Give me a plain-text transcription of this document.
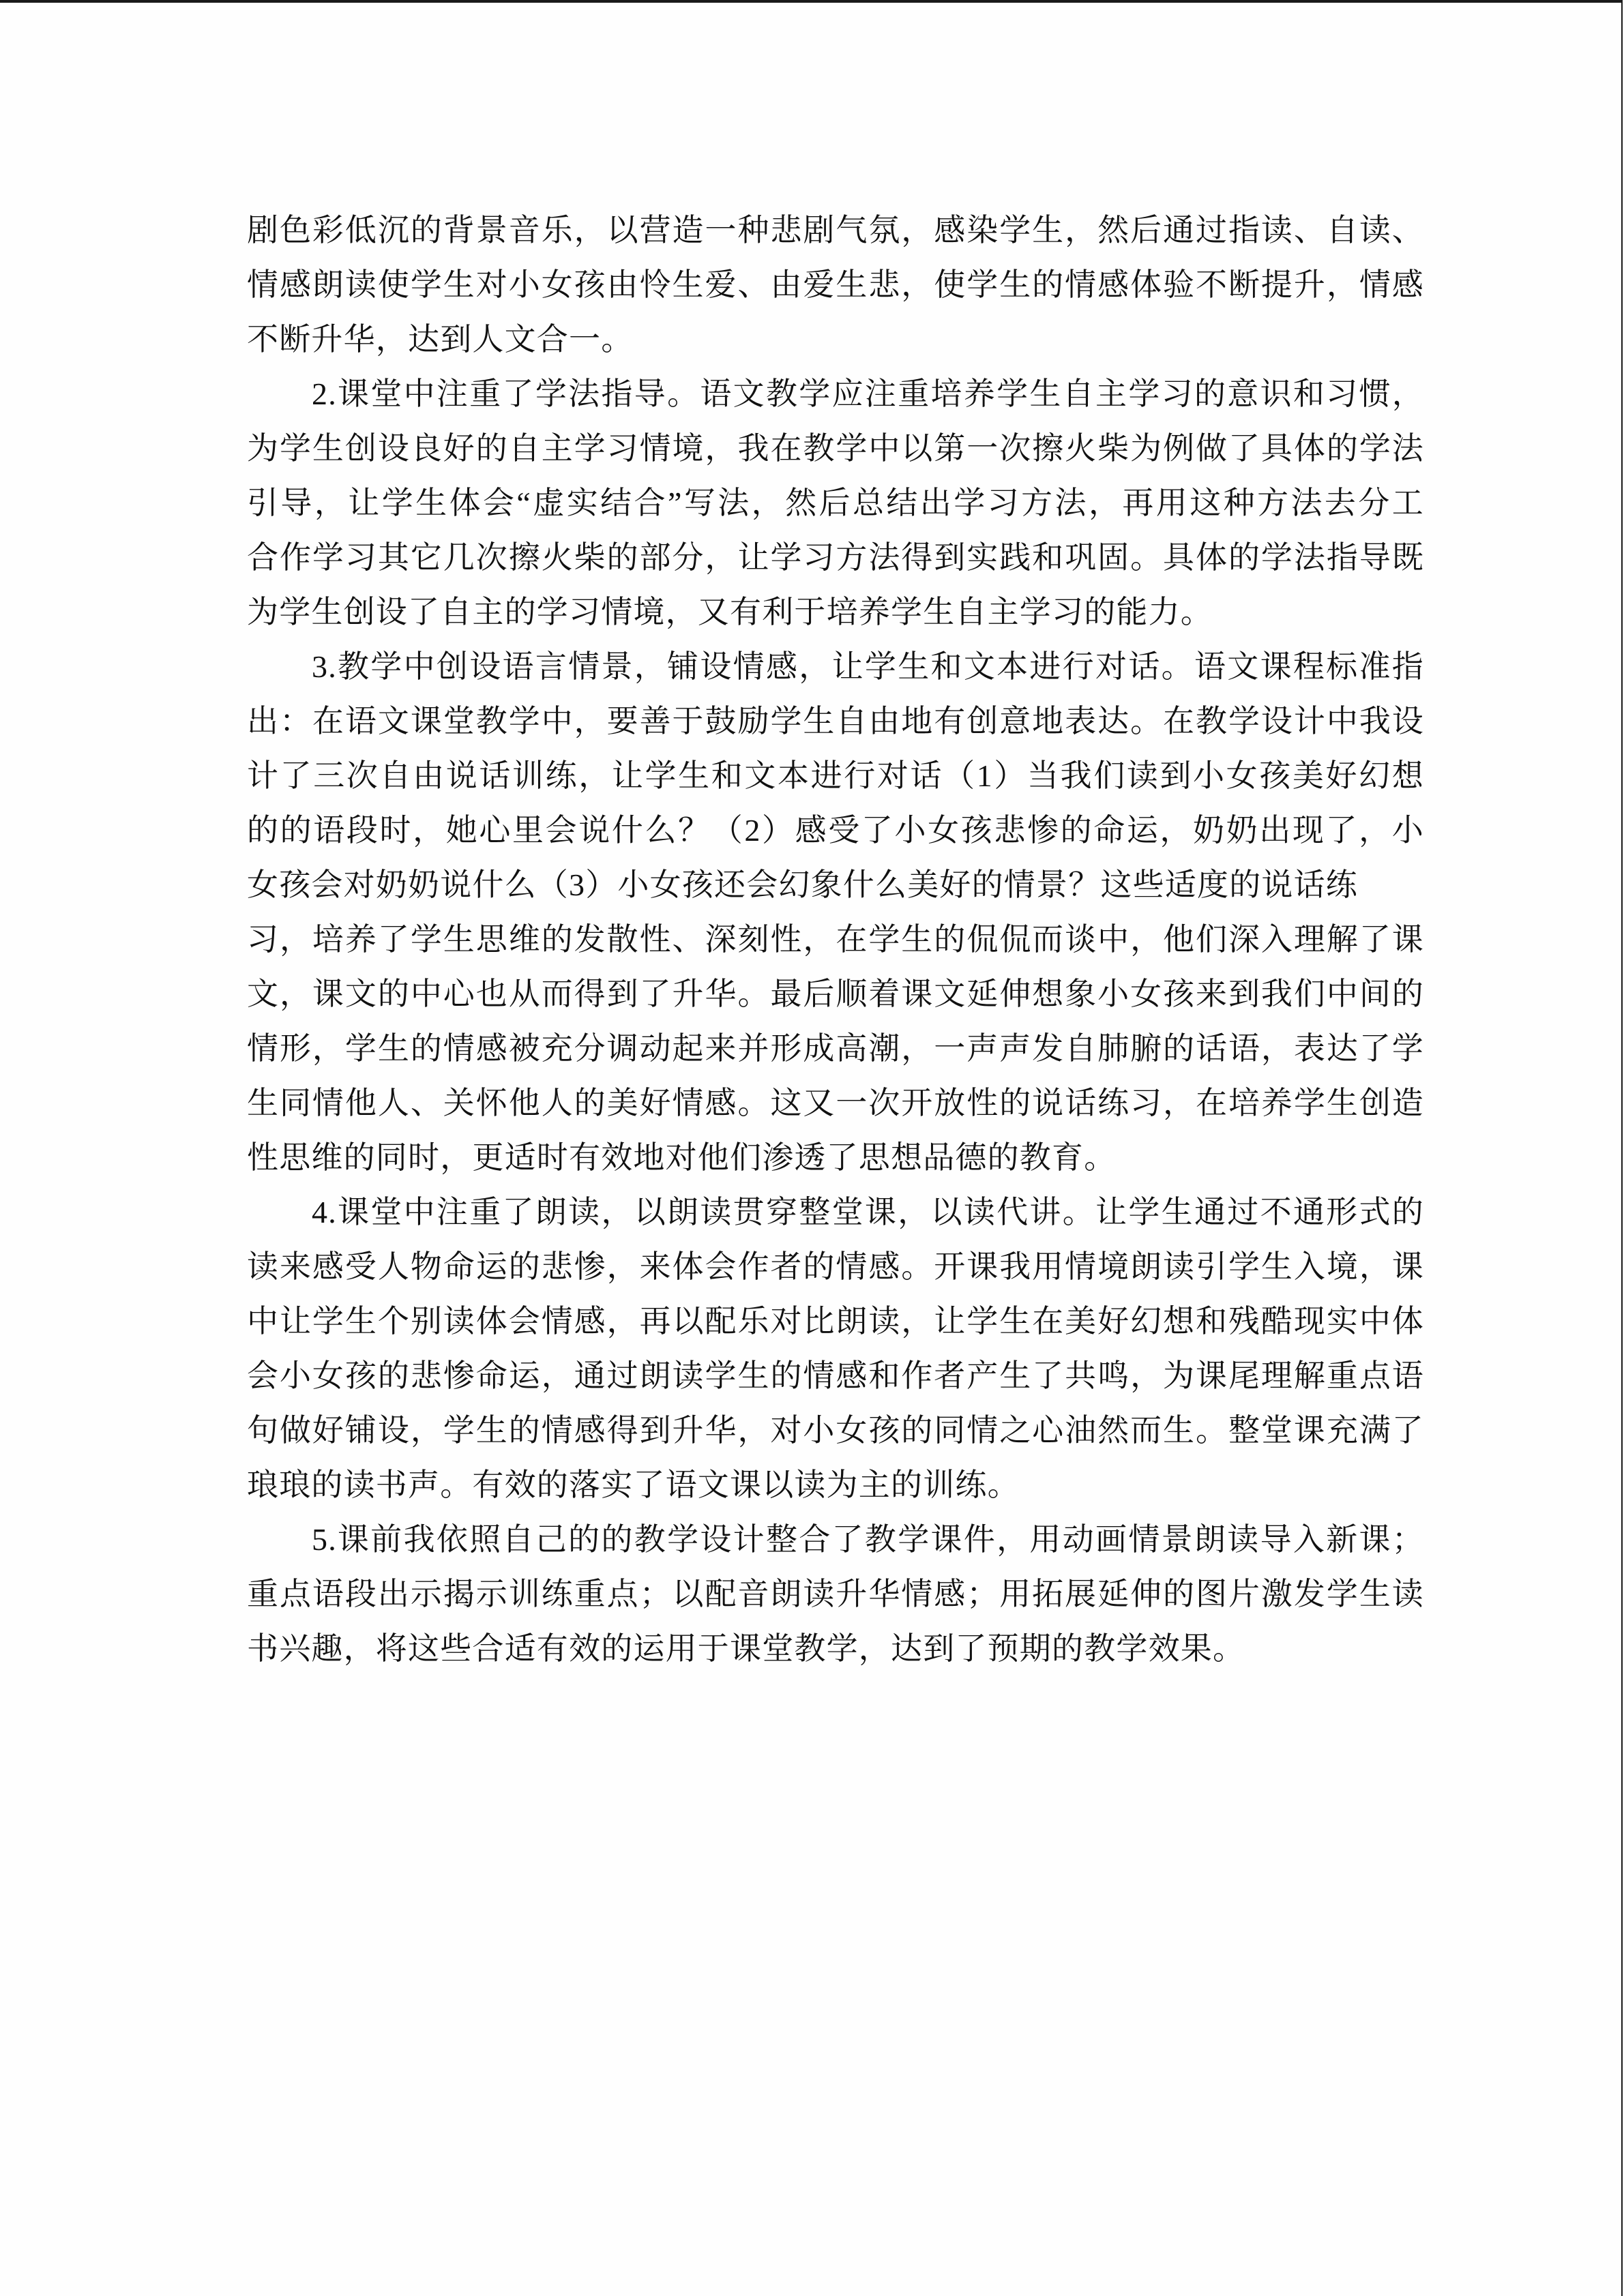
剧色彩低沉的背景音乐，以营造一种悲剧气氛，感染学生，然后通过指读、自读、
情感朗读使学生对小女孩由怜生爱、由爱生悲，使学生的情感体验不断提升，情感
不断升华，达到人文合一。
2.课堂中注重了学法指导。语文教学应注重培养学生自主学习的意识和习惯，
为学生创设良好的自主学习情境，我在教学中以第一次擦火柴为例做了具体的学法
引导，让学生体会“虚实结合”写法，然后总结出学习方法，再用这种方法去分工
合作学习其它几次擦火柴的部分，让学习方法得到实践和巩固。具体的学法指导既
为学生创设了自主的学习情境，又有利于培养学生自主学习的能力。
3.教学中创设语言情景，铺设情感，让学生和文本进行对话。语文课程标准指
出：在语文课堂教学中，要善于鼓励学生自由地有创意地表达。在教学设计中我设
计了三次自由说话训练，让学生和文本进行对话（1）当我们读到小女孩美好幻想
的的语段时，她心里会说什么？（2）感受了小女孩悲惨的命运，奶奶出现了，小
女孩会对奶奶说什么（3）小女孩还会幻象什么美好的情景？这些适度的说话练
习，培养了学生思维的发散性、深刻性，在学生的侃侃而谈中，他们深入理解了课
文，课文的中心也从而得到了升华。最后顺着课文延伸想象小女孩来到我们中间的
情形，学生的情感被充分调动起来并形成高潮，一声声发自肺腑的话语，表达了学
生同情他人、关怀他人的美好情感。这又一次开放性的说话练习，在培养学生创造
性思维的同时，更适时有效地对他们渗透了思想品德的教育。
4.课堂中注重了朗读，以朗读贯穿整堂课，以读代讲。让学生通过不通形式的
读来感受人物命运的悲惨，来体会作者的情感。开课我用情境朗读引学生入境，课
中让学生个别读体会情感，再以配乐对比朗读，让学生在美好幻想和残酷现实中体
会小女孩的悲惨命运，通过朗读学生的情感和作者产生了共鸣，为课尾理解重点语
句做好铺设，学生的情感得到升华，对小女孩的同情之心油然而生。整堂课充满了
琅琅的读书声。有效的落实了语文课以读为主的训练。
5.课前我依照自己的的教学设计整合了教学课件，用动画情景朗读导入新课；
重点语段出示揭示训练重点；以配音朗读升华情感；用拓展延伸的图片激发学生读
书兴趣，将这些合适有效的运用于课堂教学，达到了预期的教学效果。
